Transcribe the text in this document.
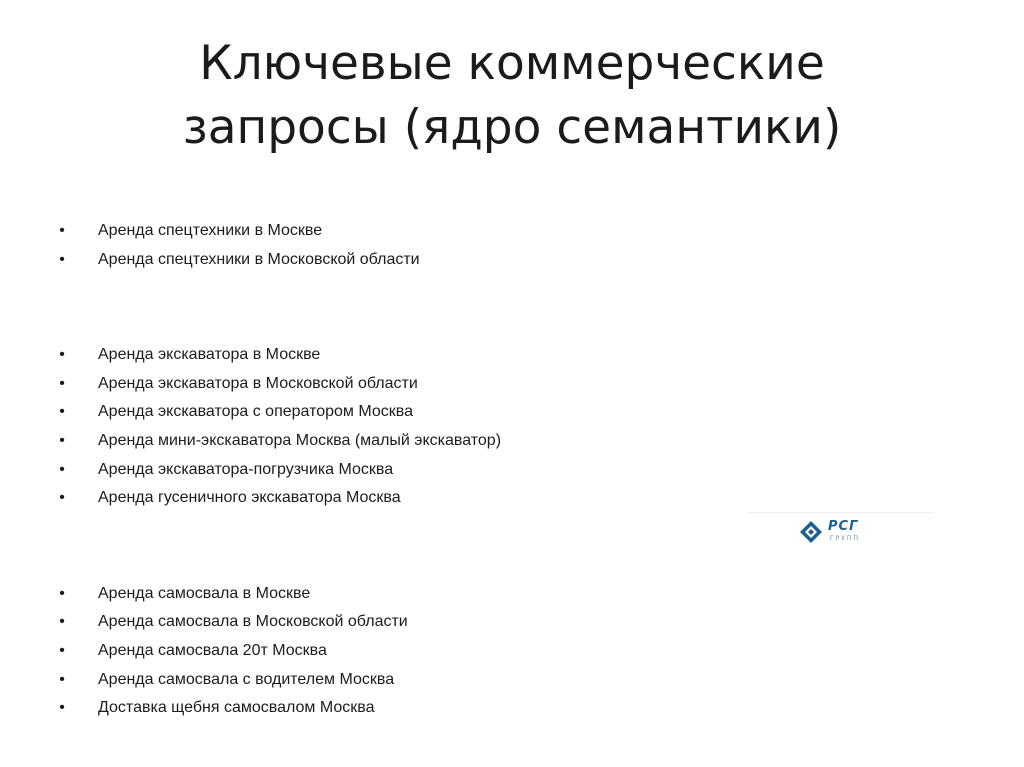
Ключевые коммерческие
запросы (ядро семантики)
• Аренда спецтехники в Москве
• Аренда спецтехники в Московской области
• Аренда экскаватора в Москве
• Аренда экскаватора в Московской области
• Аренда экскаватора с оператором Москва
• Аренда мини-экскаватора Москва (малый экскаватор)
• Аренда экскаватора-погрузчика Москва
• Аренда гусеничного экскаватора Москва
• Аренда самосвала в Москве
• Аренда самосвала в Московской области
• Аренда самосвала 20т Москва
• Аренда самосвала с водителем Москва
• Доставка щебня самосвалом Москва
РСГ
ГРУПП
